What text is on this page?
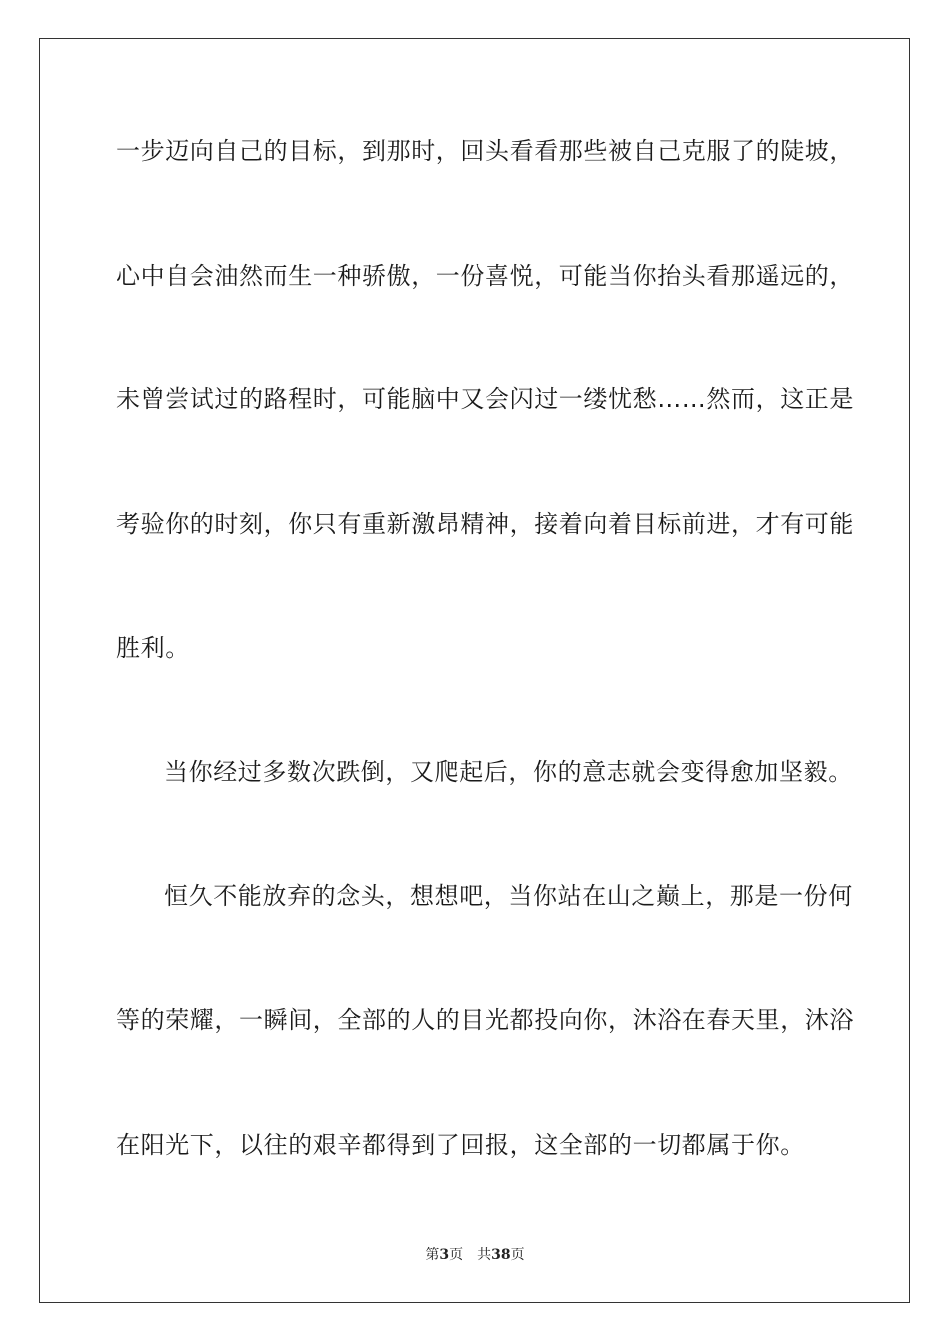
一步迈向自己的目标，到那时，回头看看那些被自己克服了的陡坡，
心中自会油然而生一种骄傲，一份喜悦，可能当你抬头看那遥远的，
未曾尝试过的路程时，可能脑中又会闪过一缕忧愁……然而，这正是
考验你的时刻，你只有重新激昂精神，接着向着目标前进，才有可能
胜利。
当你经过多数次跌倒，又爬起后，你的意志就会变得愈加坚毅。
恒久不能放弃的念头，想想吧，当你站在山之巅上，那是一份何
等的荣耀，一瞬间，全部的人的目光都投向你，沐浴在春天里，沐浴
在阳光下，以往的艰辛都得到了回报，这全部的一切都属于你。
第3页 共38页
